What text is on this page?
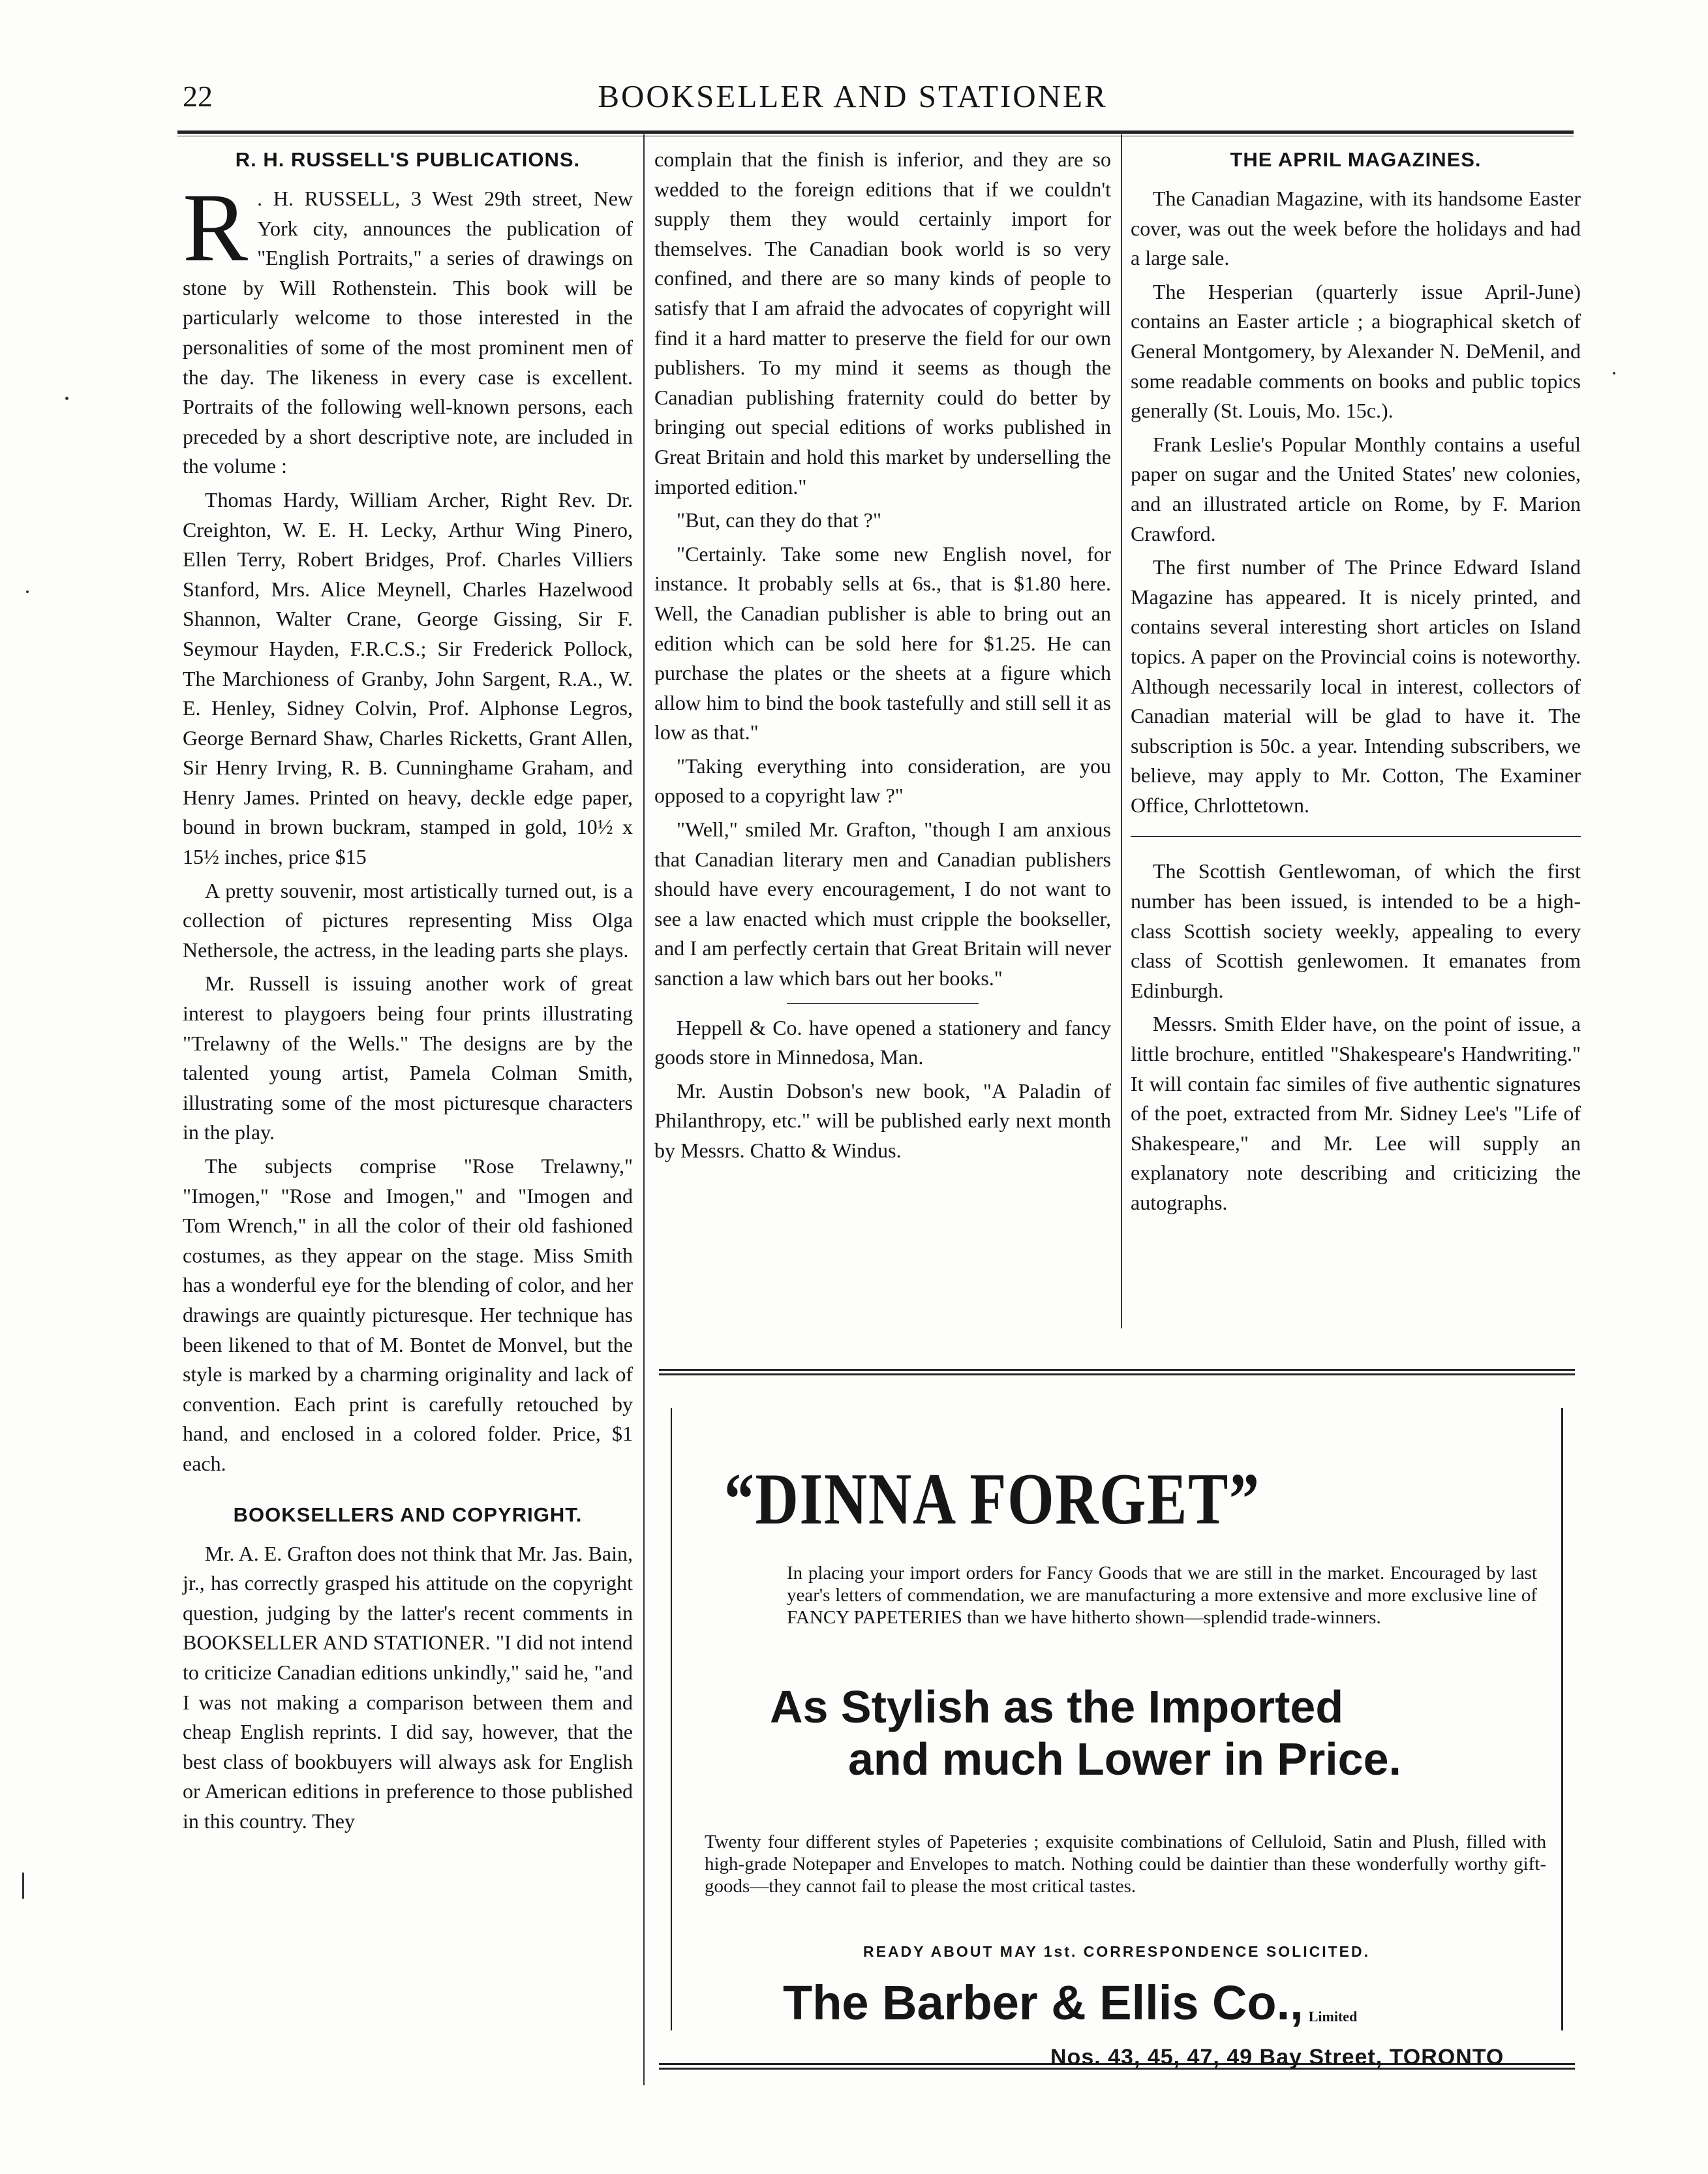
22	BOOKSELLER AND STATIONER
R. H. RUSSELL'S PUBLICATIONS.

R . H. RUSSELL, 3 West 29th street, New York city, announces the publication of "English Portraits," a series of drawings on stone by Will Rothenstein. This book will be particularly welcome to those interested in the personalities of some of the most prominent men of the day. The likeness in every case is excellent. Portraits of the following well-known persons, each preceded by a short descriptive note, are included in the volume :

Thomas Hardy, William Archer, Right Rev. Dr. Creighton, W. E. H. Lecky, Arthur Wing Pinero, Ellen Terry, Robert Bridges, Prof. Charles Villiers Stanford, Mrs. Alice Meynell, Charles Hazelwood Shannon, Walter Crane, George Gissing, Sir F. Seymour Hayden, F.R.C.S.; Sir Frederick Pollock, The Marchioness of Granby, John Sargent, R.A., W. E. Henley, Sidney Colvin, Prof. Alphonse Legros, George Bernard Shaw, Charles Ricketts, Grant Allen, Sir Henry Irving, R. B. Cunninghame Graham, and Henry James. Printed on heavy, deckle edge paper, bound in brown buckram, stamped in gold, 10½ x 15½ inches, price $15

A pretty souvenir, most artistically turned out, is a collection of pictures representing Miss Olga Nethersole, the actress, in the leading parts she plays.

Mr. Russell is issuing another work of great interest to playgoers being four prints illustrating "Trelawny of the Wells." The designs are by the talented young artist, Pamela Colman Smith, illustrating some of the most picturesque characters in the play.

The subjects comprise "Rose Trelawny," "Imogen," "Rose and Imogen," and "Imogen and Tom Wrench," in all the color of their old fashioned costumes, as they appear on the stage. Miss Smith has a wonderful eye for the blending of color, and her drawings are quaintly picturesque. Her technique has been likened to that of M. Bontet de Monvel, but the style is marked by a charming originality and lack of convention. Each print is carefully retouched by hand, and enclosed in a colored folder. Price, $1 each.

BOOKSELLERS AND COPYRIGHT.

Mr. A. E. Grafton does not think that Mr. Jas. Bain, jr., has correctly grasped his attitude on the copyright question, judging by the latter's recent comments in BOOKSELLER AND STATIONER. "I did not intend to criticize Canadian editions unkindly," said he, "and I was not making a comparison between them and cheap English reprints. I did say, however, that the best class of bookbuyers will always ask for English or American editions in preference to those published in this country. They

complain that the finish is inferior, and they are so wedded to the foreign editions that if we couldn't supply them they would certainly import for themselves. The Canadian book world is so very confined, and there are so many kinds of people to satisfy that I am afraid the advocates of copyright will find it a hard matter to preserve the field for our own publishers. To my mind it seems as though the Canadian publishing fraternity could do better by bringing out special editions of works published in Great Britain and hold this market by underselling the imported edition."

"But, can they do that ?"

"Certainly. Take some new English novel, for instance. It probably sells at 6s., that is $1.80 here. Well, the Canadian publisher is able to bring out an edition which can be sold here for $1.25. He can purchase the plates or the sheets at a figure which allow him to bind the book tastefully and still sell it as low as that."

"Taking everything into consideration, are you opposed to a copyright law ?"

"Well," smiled Mr. Grafton, "though I am anxious that Canadian literary men and Canadian publishers should have every encouragement, I do not want to see a law enacted which must cripple the bookseller, and I am perfectly certain that Great Britain will never sanction a law which bars out her books."

Heppell & Co. have opened a stationery and fancy goods store in Minnedosa, Man.

Mr. Austin Dobson's new book, "A Paladin of Philanthropy, etc." will be published early next month by Messrs. Chatto & Windus.

THE APRIL MAGAZINES.

The Canadian Magazine, with its handsome Easter cover, was out the week before the holidays and had a large sale.

The Hesperian (quarterly issue April-June) contains an Easter article ; a biographical sketch of General Montgomery, by Alexander N. DeMenil, and some readable comments on books and public topics generally (St. Louis, Mo. 15c.).

Frank Leslie's Popular Monthly contains a useful paper on sugar and the United States' new colonies, and an illustrated article on Rome, by F. Marion Crawford.

The first number of The Prince Edward Island Magazine has appeared. It is nicely printed, and contains several interesting short articles on Island topics. A paper on the Provincial coins is noteworthy. Although necessarily local in interest, collectors of Canadian material will be glad to have it. The subscription is 50c. a year. Intending subscribers, we believe, may apply to Mr. Cotton, The Examiner Office, Chrlottetown.

The Scottish Gentlewoman, of which the first number has been issued, is intended to be a high-class Scottish society weekly, appealing to every class of Scottish genlewomen. It emanates from Edinburgh.

Messrs. Smith Elder have, on the point of issue, a little brochure, entitled "Shakespeare's Handwriting." It will contain fac similes of five authentic signatures of the poet, extracted from Mr. Sidney Lee's "Life of Shakespeare," and Mr. Lee will supply an explanatory note describing and criticizing the autographs.

“DINNA FORGET”
In placing your import orders for Fancy Goods that we are still in the market. Encouraged by last year's letters of commendation, we are manufacturing a more extensive and more exclusive line of FANCY PAPETERIES than we have hitherto shown—splendid trade-winners.
As Stylish as the Imported
and much Lower in Price.
Twenty four different styles of Papeteries ; exquisite combinations of Celluloid, Satin and Plush, filled with high-grade Notepaper and Envelopes to match. Nothing could be daintier than these wonderfully worthy gift-goods—they cannot fail to please the most critical tastes.
READY ABOUT MAY 1st. CORRESPONDENCE SOLICITED.
The Barber & Ellis Co., Limited
Nos. 43, 45, 47, 49 Bay Street, TORONTO
